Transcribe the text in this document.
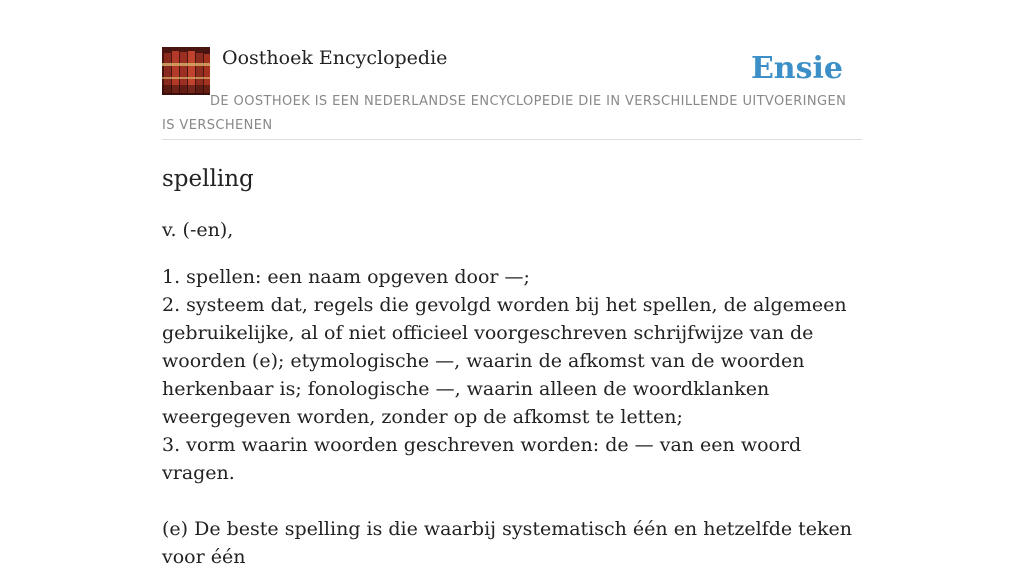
Oosthoek Encyclopedie	Ensie

DE OOSTHOEK IS EEN NEDERLANDSE ENCYCLOPEDIE DIE IN VERSCHILLENDE UITVOERINGEN IS VERSCHENEN

spelling

v. (-en),

1. spellen: een naam opgeven door —;
2. systeem dat, regels die gevolgd worden bij het spellen, de algemeen gebruikelijke, al of niet officieel voorgeschreven schrijfwijze van de woorden (e); etymologische —, waarin de afkomst van de woorden herkenbaar is; fonologische —, waarin alleen de woordklanken weergegeven worden, zonder op de afkomst te letten;
3. vorm waarin woorden geschreven worden: de — van een woord vragen.

(e) De beste spelling is die waarbij systematisch één en hetzelfde teken voor één
